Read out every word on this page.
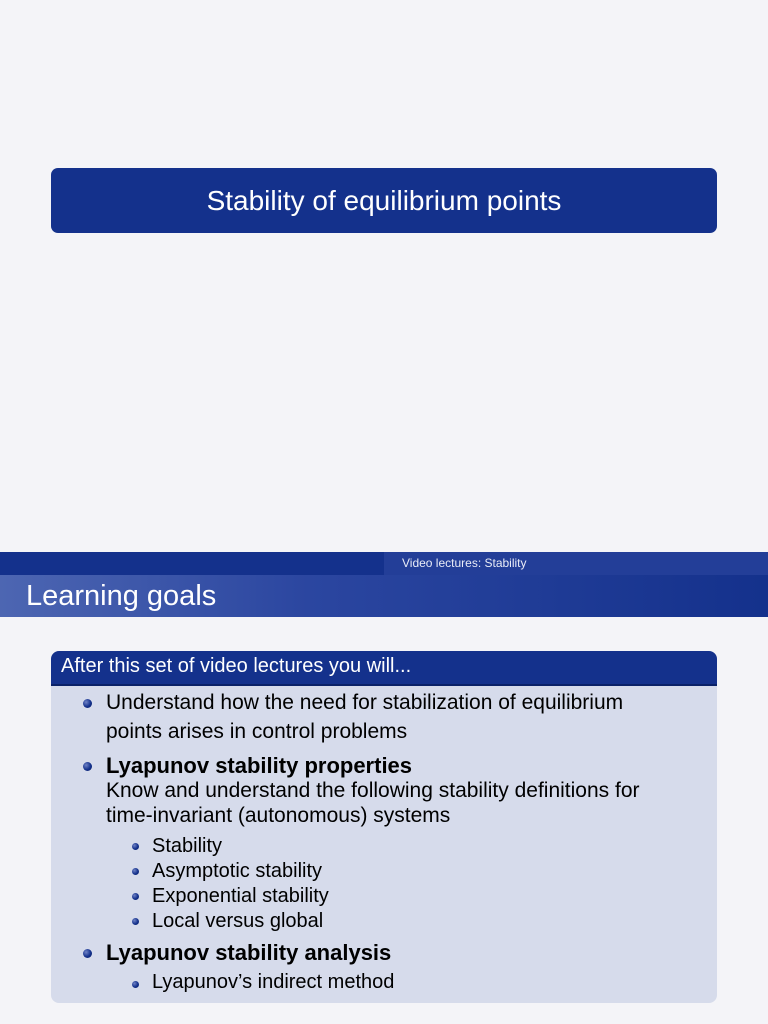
Stability of equilibrium points
Video lectures: Stability
Learning goals
After this set of video lectures you will...
Understand how the need for stabilization of equilibrium
points arises in control problems
Lyapunov stability properties
Know and understand the following stability definitions for
time-invariant (autonomous) systems
Stability
Asymptotic stability
Exponential stability
Local versus global
Lyapunov stability analysis
Lyapunov’s indirect method
